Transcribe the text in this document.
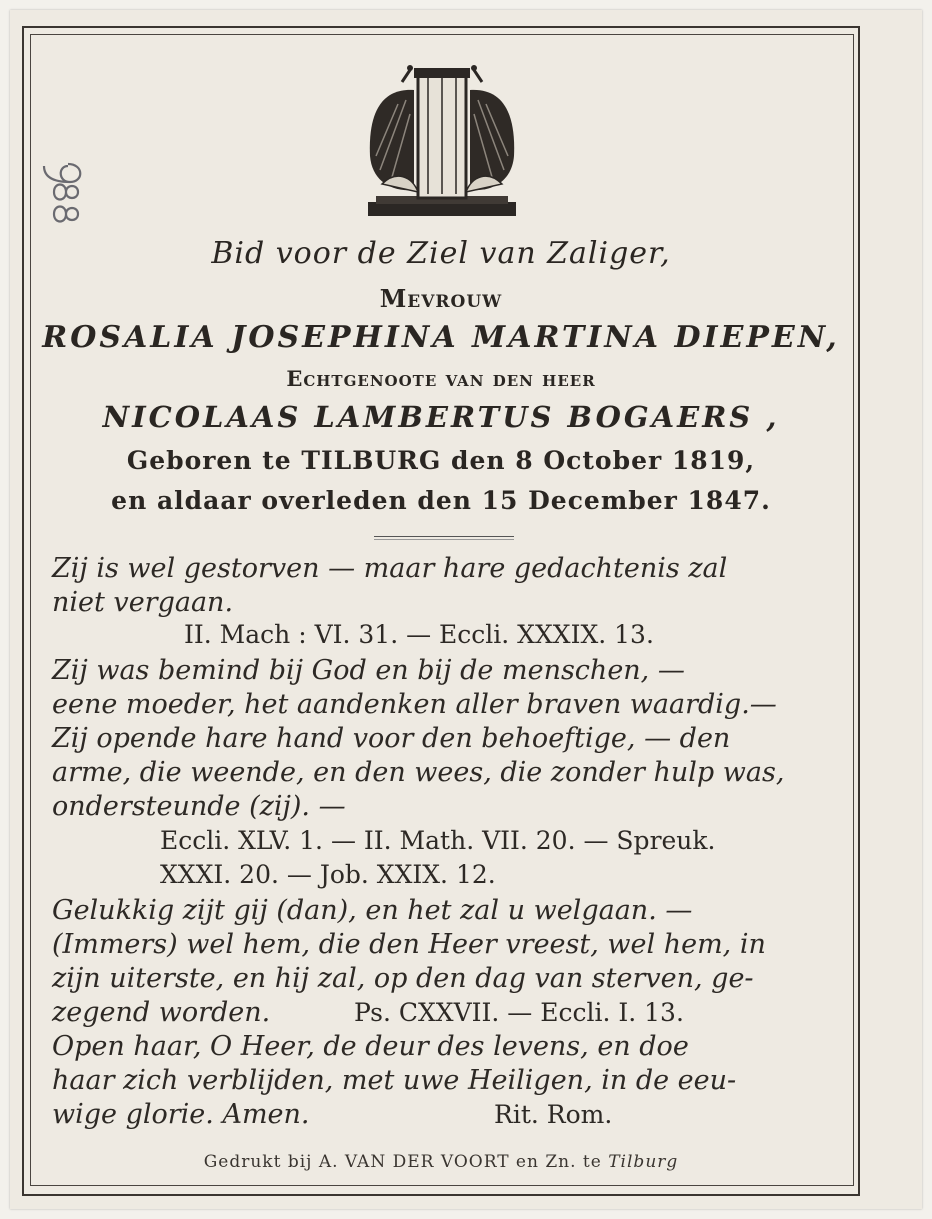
Bid voor de Ziel van Zaliger,
Mevrouw
ROSALIA JOSEPHINA MARTINA DIEPEN,
Echtgenoote van den heer
NICOLAAS LAMBERTUS BOGAERS ,
Geboren te TILBURG den 8 October 1819,
en aldaar overleden den 15 December 1847.
Zij is wel gestorven — maar hare gedachtenis zal
niet vergaan.
II. Mach : VI. 31. — Eccli. XXXIX. 13.
Zij was bemind bij God en bij de menschen, —
eene moeder, het aandenken aller braven waardig.—
Zij opende hare hand voor den behoeftige, — den
arme, die weende, en den wees, die zonder hulp was,
ondersteunde (zij). —
Eccli. XLV. 1. — II. Math. VII. 20. — Spreuk.
XXXI. 20. — Job. XXIX. 12.
Gelukkig zijt gij (dan), en het zal u welgaan. —
(Immers) wel hem, die den Heer vreest, wel hem, in
zijn uiterste, en hij zal, op den dag van sterven, ge-
zegend worden.	Ps. CXXVII. — Eccli. I. 13.
Open haar, O Heer, de deur des levens, en doe
haar zich verblijden, met uwe Heiligen, in de eeu-
wige glorie. Amen.	Rit. Rom.
Gedrukt bij A. VAN DER VOORT en Zn. te Tilburg
